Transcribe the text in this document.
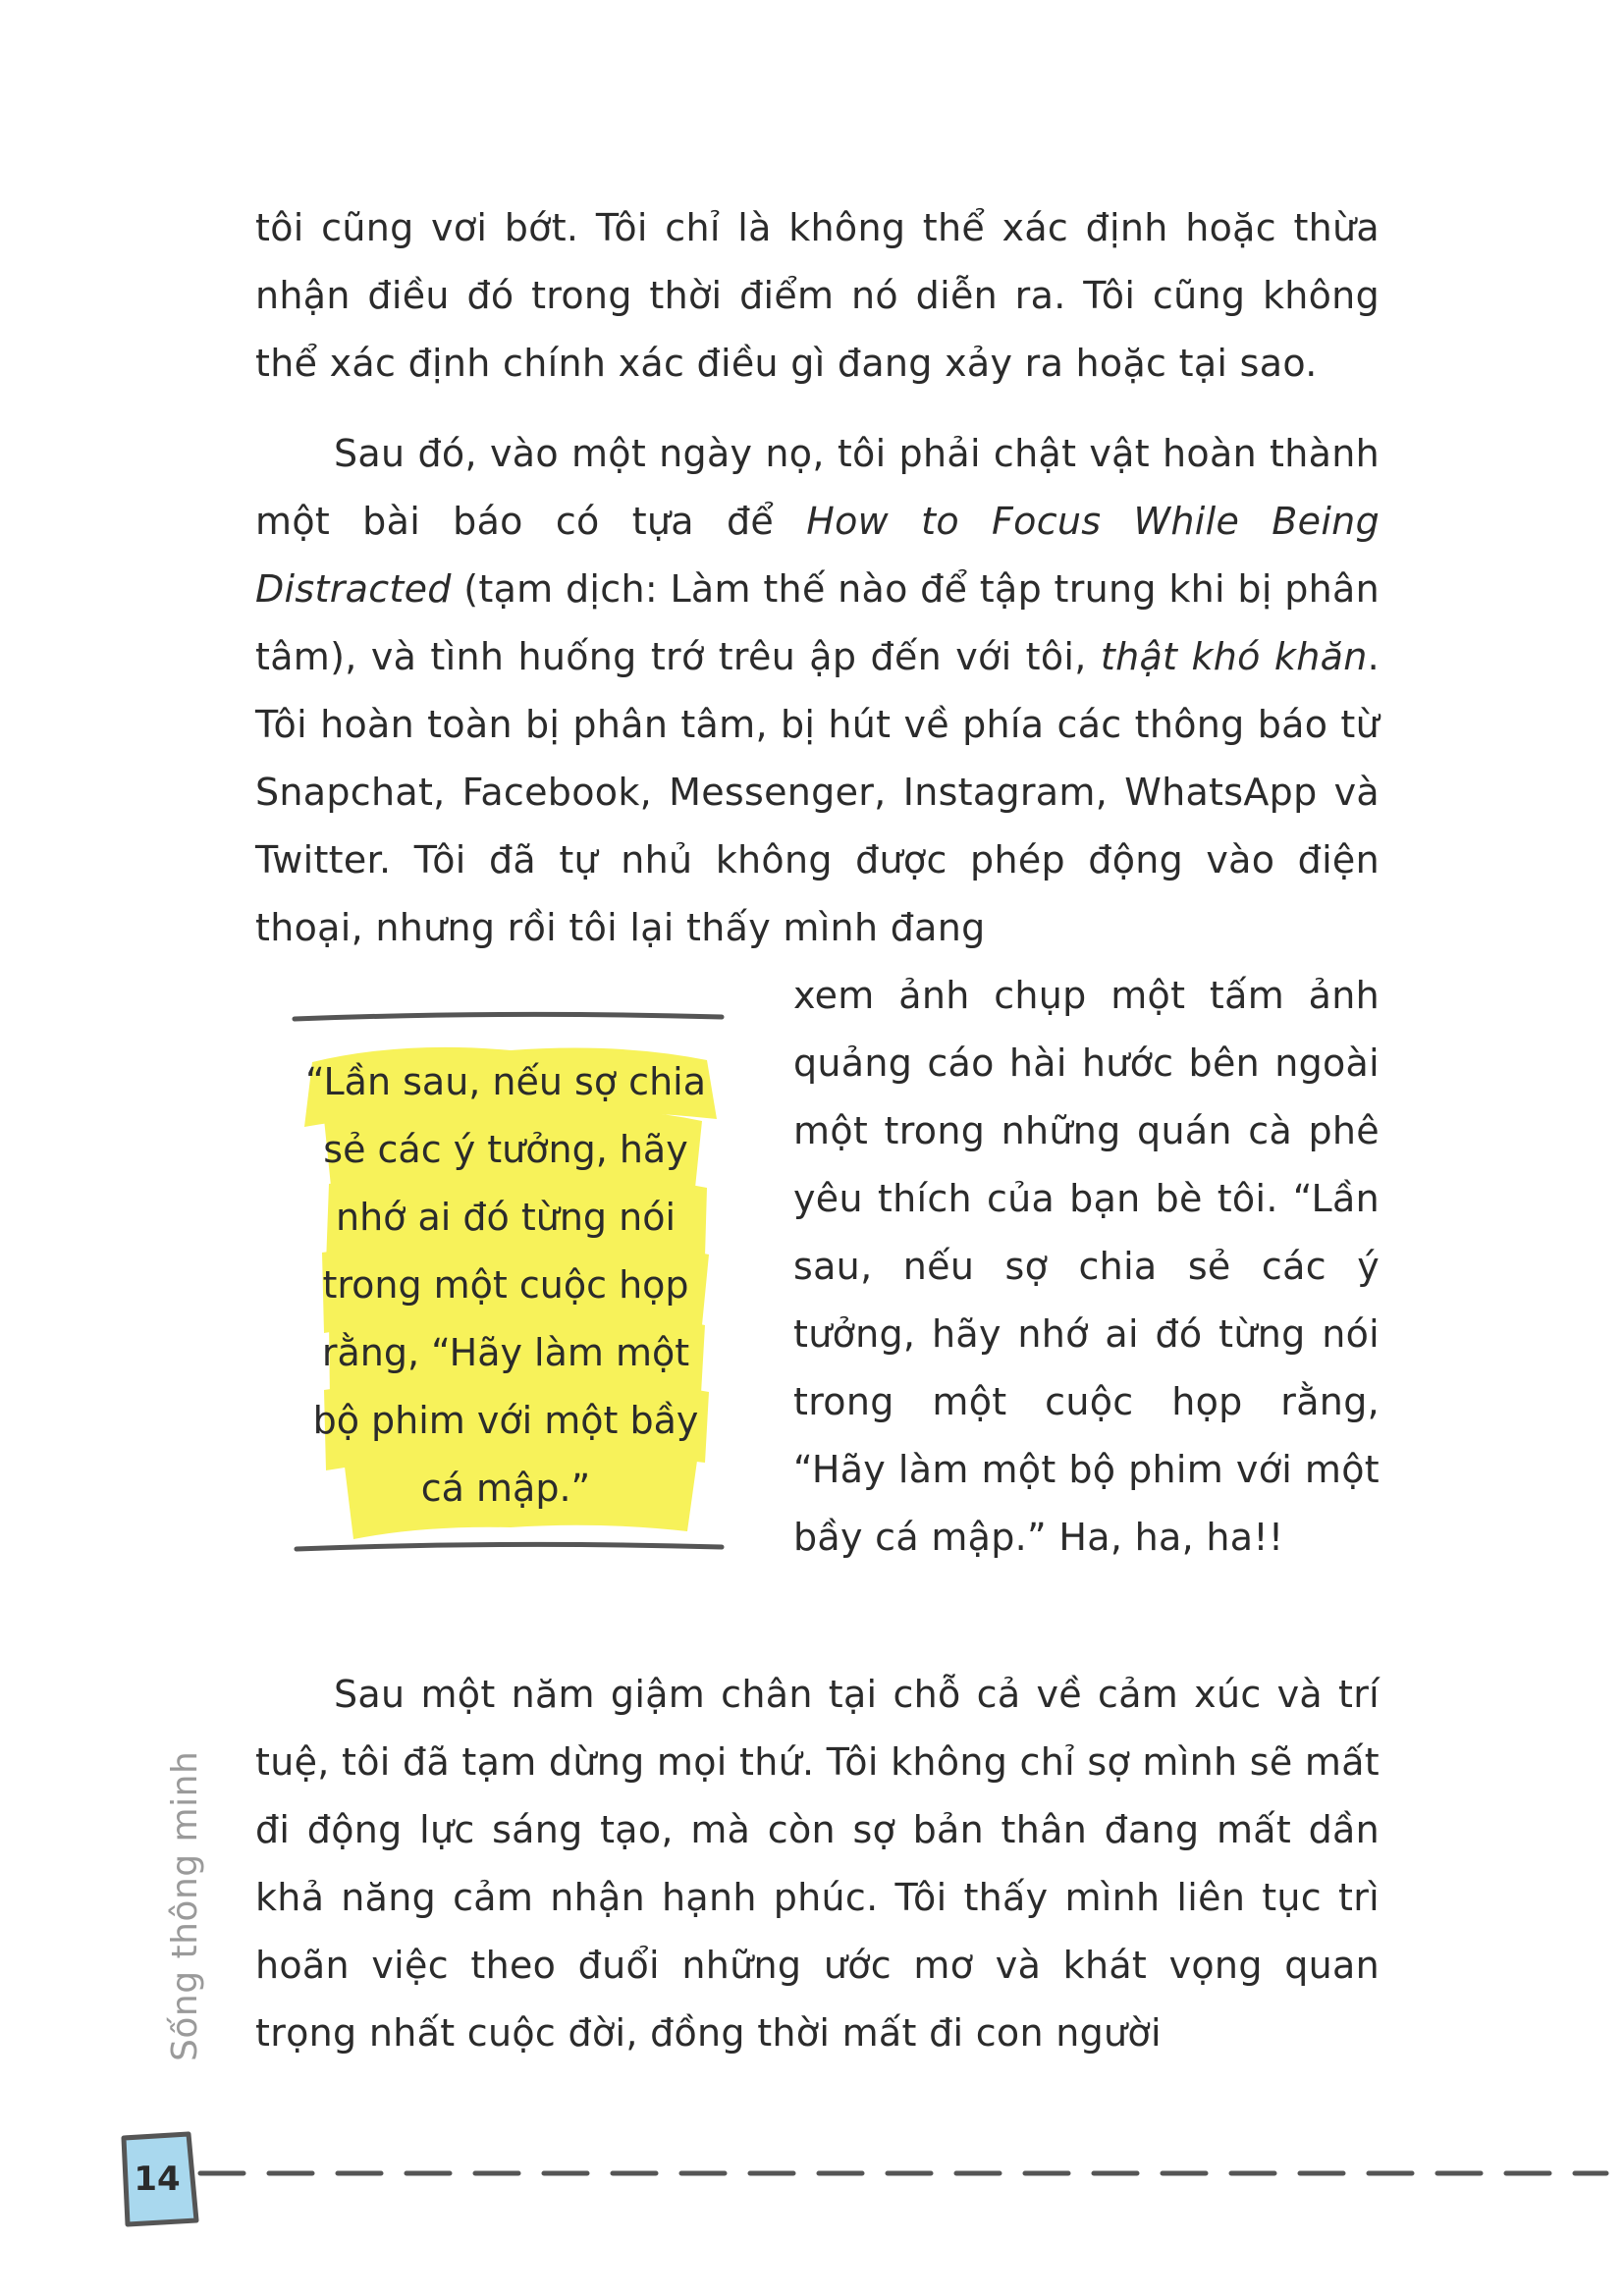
tôi cũng vơi bớt. Tôi chỉ là không thể xác định hoặc thừa nhận điều đó trong thời điểm nó diễn ra. Tôi cũng không thể xác định chính xác điều gì đang xảy ra hoặc tại sao.

Sau đó, vào một ngày nọ, tôi phải chật vật hoàn thành một bài báo có tựa để How to Focus While Being Distracted (tạm dịch: Làm thế nào để tập trung khi bị phân tâm), và tình huống trớ trêu ập đến với tôi, thật khó khăn. Tôi hoàn toàn bị phân tâm, bị hút về phía các thông báo từ Snapchat, Facebook, Messenger, Instagram, WhatsApp và Twitter. Tôi đã tự nhủ không được phép động vào điện thoại, nhưng rồi tôi lại thấy mình đang

“Lần sau, nếu sợ chia sẻ các ý tưởng, hãy nhớ ai đó từng nói trong một cuộc họp rằng, “Hãy làm một bộ phim với một bầy cá mập.”

xem ảnh chụp một tấm ảnh quảng cáo hài hước bên ngoài một trong những quán cà phê yêu thích của bạn bè tôi. “Lần sau, nếu sợ chia sẻ các ý tưởng, hãy nhớ ai đó từng nói trong một cuộc họp rằng, “Hãy làm một bộ phim với một bầy cá mập.” Ha, ha, ha!!

Sau một năm giậm chân tại chỗ cả về cảm xúc và trí tuệ, tôi đã tạm dừng mọi thứ. Tôi không chỉ sợ mình sẽ mất đi động lực sáng tạo, mà còn sợ bản thân đang mất dần khả năng cảm nhận hạnh phúc. Tôi thấy mình liên tục trì hoãn việc theo đuổi những ước mơ và khát vọng quan trọng nhất cuộc đời, đồng thời mất đi con người

Sống thông minh
14
